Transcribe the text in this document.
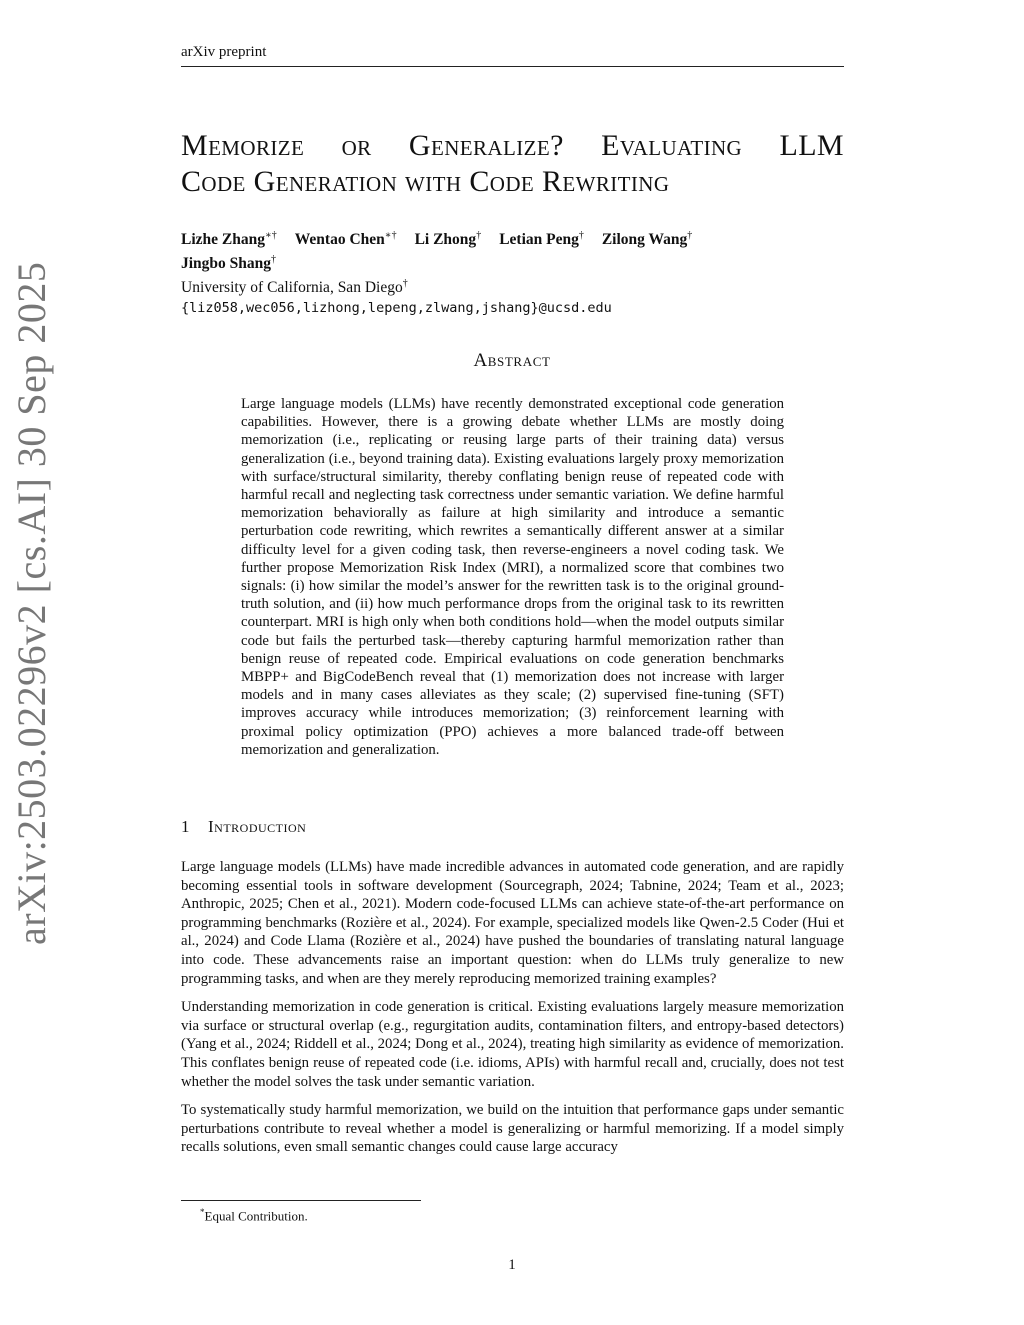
arXiv preprint
arXiv:2503.02296v2 [cs.AI] 30 Sep 2025
Memorize or Generalize? Evaluating LLM
Code Generation with Code Rewriting
Lizhe Zhang∗† Wentao Chen∗† Li Zhong† Letian Peng† Zilong Wang†
Jingbo Shang†
University of California, San Diego†
{liz058,wec056,lizhong,lepeng,zlwang,jshang}@ucsd.edu
Abstract
Large language models (LLMs) have recently demonstrated exceptional code generation capabilities. However, there is a growing debate whether LLMs are mostly doing memorization (i.e., replicating or reusing large parts of their training data) versus generalization (i.e., beyond training data). Existing evaluations largely proxy memorization with surface/structural similarity, thereby conflating benign reuse of repeated code with harmful recall and neglecting task correctness under semantic variation. We define harmful memorization behaviorally as failure at high similarity and introduce a semantic perturbation code rewriting, which rewrites a semantically different answer at a similar difficulty level for a given coding task, then reverse-engineers a novel coding task. We further propose Memorization Risk Index (MRI), a normalized score that combines two signals: (i) how similar the model’s answer for the rewritten task is to the original ground-truth solution, and (ii) how much performance drops from the original task to its rewritten counterpart. MRI is high only when both conditions hold—when the model outputs similar code but fails the perturbed task—thereby capturing harmful memorization rather than benign reuse of repeated code. Empirical evaluations on code generation benchmarks MBPP+ and BigCodeBench reveal that (1) memorization does not increase with larger models and in many cases alleviates as they scale; (2) supervised fine-tuning (SFT) improves accuracy while introduces memorization; (3) reinforcement learning with proximal policy optimization (PPO) achieves a more balanced trade-off between memorization and generalization.
1 Introduction

Large language models (LLMs) have made incredible advances in automated code generation, and are rapidly becoming essential tools in software development (Sourcegraph, 2024; Tabnine, 2024; Team et al., 2023; Anthropic, 2025; Chen et al., 2021). Modern code-focused LLMs can achieve state-of-the-art performance on programming benchmarks (Rozière et al., 2024). For example, specialized models like Qwen-2.5 Coder (Hui et al., 2024) and Code Llama (Rozière et al., 2024) have pushed the boundaries of translating natural language into code. These advancements raise an important question: when do LLMs truly generalize to new programming tasks, and when are they merely reproducing memorized training examples?

Understanding memorization in code generation is critical. Existing evaluations largely measure memorization via surface or structural overlap (e.g., regurgitation audits, contamination filters, and entropy-based detectors) (Yang et al., 2024; Riddell et al., 2024; Dong et al., 2024), treating high similarity as evidence of memorization. This conflates benign reuse of repeated code (i.e. idioms, APIs) with harmful recall and, crucially, does not test whether the model solves the task under semantic variation.

To systematically study harmful memorization, we build on the intuition that performance gaps under semantic perturbations contribute to reveal whether a model is generalizing or harmful memorizing. If a model simply recalls solutions, even small semantic changes could cause large accuracy

*Equal Contribution.
1
